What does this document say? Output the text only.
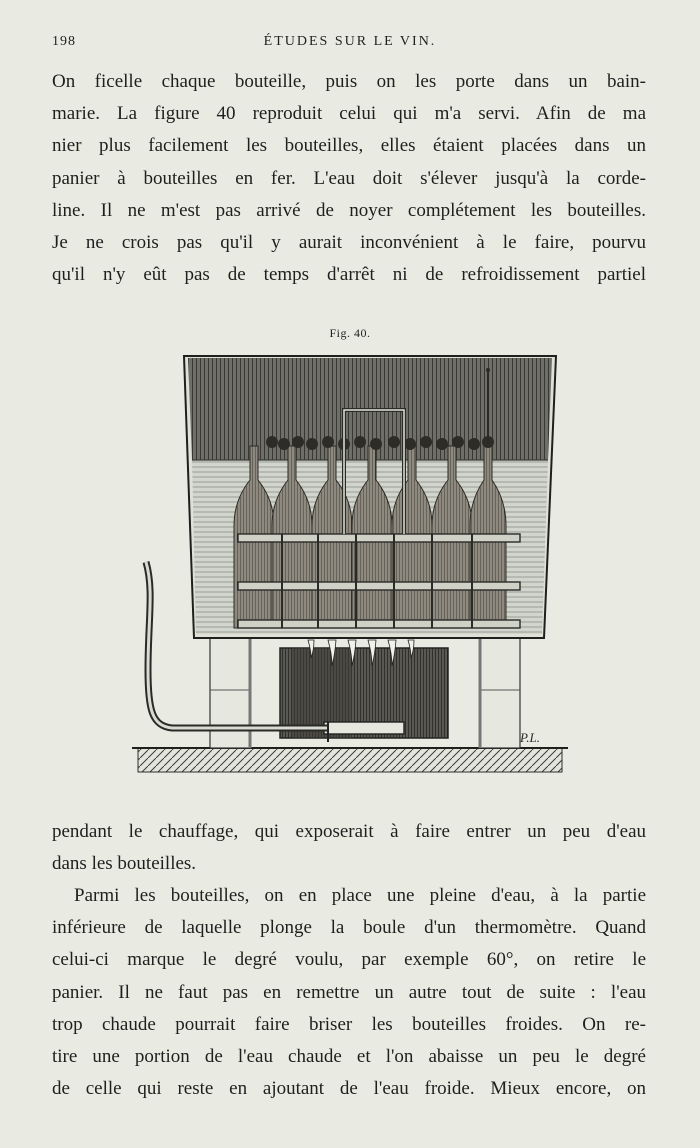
198	ÉTUDES SUR LE VIN.
On ficelle chaque bouteille, puis on les porte dans un bain-
marie. La figure 40 reproduit celui qui m'a servi. Afin de ma
nier plus facilement les bouteilles, elles étaient placées dans un
panier à bouteilles en fer. L'eau doit s'élever jusqu'à la corde-
line. Il ne m'est pas arrivé de noyer complétement les bouteilles.
Je ne crois pas qu'il y aurait inconvénient à le faire, pourvu
qu'il n'y eût pas de temps d'arrêt ni de refroidissement partiel
Fig. 40.
P.L.
pendant le chauffage, qui exposerait à faire entrer un peu d'eau
dans les bouteilles.
Parmi les bouteilles, on en place une pleine d'eau, à la partie
inférieure de laquelle plonge la boule d'un thermomètre. Quand
celui-ci marque le degré voulu, par exemple 60°, on retire le
panier. Il ne faut pas en remettre un autre tout de suite : l'eau
trop chaude pourrait faire briser les bouteilles froides. On re-
tire une portion de l'eau chaude et l'on abaisse un peu le degré
de celle qui reste en ajoutant de l'eau froide. Mieux encore, on
